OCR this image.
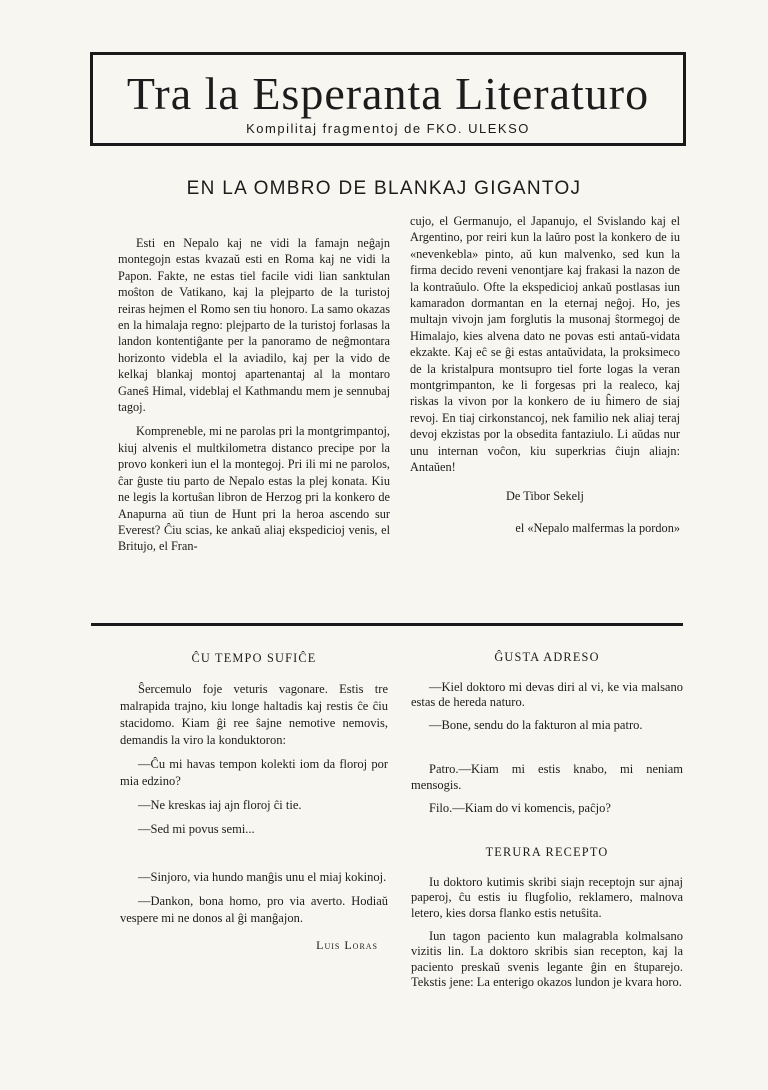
Tra la Esperanta Literaturo
Kompilitaj fragmentoj de FKO. ULEKSO
EN LA OMBRO DE BLANKAJ GIGANTOJ

Esti en Nepalo kaj ne vidi la famajn neĝajn montegojn estas kvazaŭ esti en Roma kaj ne vidi la Papon. Fakte, ne estas tiel facile vidi lian sanktulan moŝton de Vatikano, kaj la plejparto de la turistoj reiras hejmen el Romo sen tiu honoro. La samo okazas en la himalaja regno: plejparto de la turistoj forlasas la landon kontentiĝante per la panoramo de neĝmontara horizonto videbla el la aviadilo, kaj per la vido de kelkaj blankaj montoj apartenantaj al la montaro Ganeŝ Himal, videblaj el Kathmandu mem je sennubaj tagoj.

Kompreneble, mi ne parolas pri la montgrimpantoj, kiuj alvenis el multkilometra distanco precipe por la provo konkeri iun el la montegoj. Pri ili mi ne parolos, ĉar ĝuste tiu parto de Nepalo estas la plej konata. Kiu ne legis la kortuŝan libron de Herzog pri la konkero de Anapurna aŭ tiun de Hunt pri la heroa ascendo sur Everest? Ĉiu scias, ke ankaŭ aliaj ekspedicioj venis, el Britujo, el Fran-

cujo, el Germanujo, el Japanujo, el Svislando kaj el Argentino, por reiri kun la laŭro post la konkero de iu «nevenkebla» pinto, aŭ kun malvenko, sed kun la firma decido reveni venontjare kaj frakasi la nazon de la kontraŭulo. Ofte la ekspedicioj ankaŭ postlasas iun kamaradon dormantan en la eternaj neĝoj. Ho, jes multajn vivojn jam forglutis la musonaj ŝtormegoj de Himalajo, kies alvena dato ne povas esti antaŭ-vidata ekzakte. Kaj eĉ se ĝi estas antaŭvidata, la proksimeco de la kristalpura montsupro tiel forte logas la veran montgrimpanton, ke li forgesas pri la realeco, kaj riskas la vivon por la konkero de iu ĥimero de siaj revoj. En tiaj cirkonstancoj, nek familio nek aliaj teraj devoj ekzistas por la obsedita fantaziulo. Li aŭdas nur unu internan voĉon, kiu superkrias ĉiujn aliajn: Antaŭen!

De Tibor Sekelj
el «Nepalo malfermas la pordon»
ĈU TEMPO SUFIĈE

Ŝercemulo foje veturis vagonare. Estis tre malrapida trajno, kiu longe haltadis kaj restis ĉe ĉiu stacidomo. Kiam ĝi ree ŝajne nemotive nemovis, demandis la viro la konduktoron:

—Ĉu mi havas tempon kolekti iom da floroj por mia edzino?

—Ne kreskas iaj ajn floroj ĉi tie.

—Sed mi povus semi...

—Sinjoro, via hundo manĝis unu el miaj kokinoj.

—Dankon, bona homo, pro via averto. Hodiaŭ vespere mi ne donos al ĝi manĝajon.

Luis Loras
ĜUSTA ADRESO

—Kiel doktoro mi devas diri al vi, ke via malsano estas de hereda naturo.

—Bone, sendu do la fakturon al mia patro.

Patro.—Kiam mi estis knabo, mi neniam mensogis.

Filo.—Kiam do vi komencis, paĉjo?

TERURA RECEPTO

Iu doktoro kutimis skribi siajn receptojn sur ajnaj paperoj, ĉu estis iu flugfolio, reklamero, malnova letero, kies dorsa flanko estis netuŝita.

Iun tagon paciento kun malagrabla kolmalsano vizitis lin. La doktoro skribis sian recepton, kaj la paciento preskaŭ svenis legante ĝin en ŝtuparejo. Tekstis jene: La enterigo okazos lundon je kvara horo.
